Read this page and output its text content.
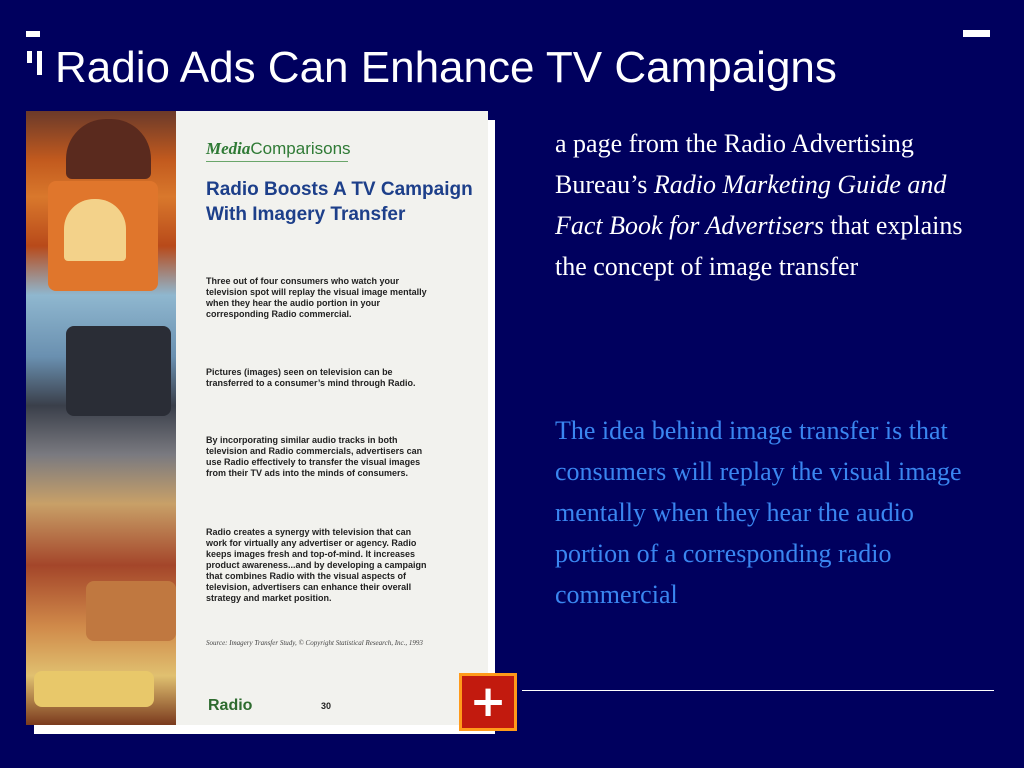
Radio Ads Can Enhance TV Campaigns
MediaComparisons
Radio Boosts A TV Campaign
With Imagery Transfer

Three out of four consumers who watch your television spot will replay the visual image mentally when they hear the audio portion in your corresponding Radio commercial.

Pictures (images) seen on television can be transferred to a consumer’s mind through Radio.

By incorporating similar audio tracks in both television and Radio commercials, advertisers can use Radio effectively to transfer the visual images from their TV ads into the minds of consumers.

Radio creates a synergy with television that can work for virtually any advertiser or agency. Radio keeps images fresh and top-of-mind. It increases product awareness...and by developing a campaign that combines Radio with the visual aspects of television, advertisers can enhance their overall strategy and market position.

Source: Imagery Transfer Study, © Copyright Statistical Research, Inc., 1993
Radio	30

a page from the Radio Advertising Bureau’s Radio Marketing Guide and Fact Book for Advertisers that explains the concept of image transfer

The idea behind image transfer is that consumers will replay the visual image mentally when they hear the audio portion of a corresponding radio commercial

+
